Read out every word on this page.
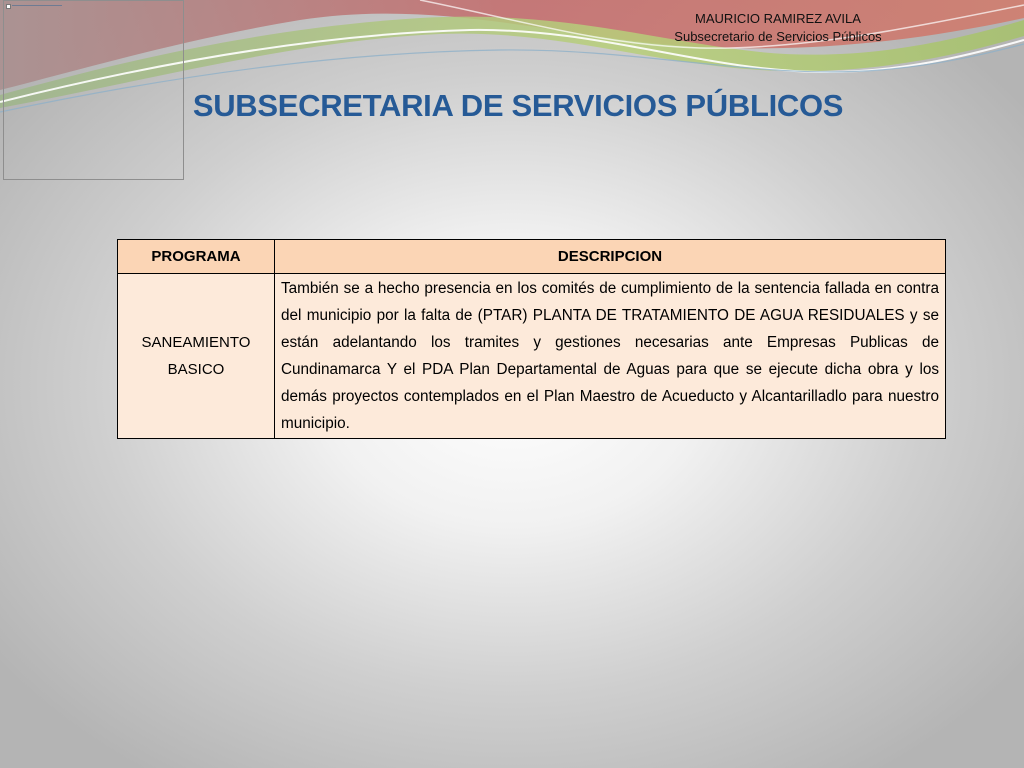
MAURICIO RAMIREZ AVILA
Subsecretario de Servicios Públicos
SUBSECRETARIA DE SERVICIOS PÚBLICOS
PROGRAMA	DESCRIPCION
SANEAMIENTO BASICO	También se a hecho presencia en los comités de cumplimiento de la sentencia fallada en contra del municipio por la falta de (PTAR) PLANTA DE TRATAMIENTO DE AGUA RESIDUALES y se están adelantando los tramites y gestiones necesarias ante Empresas Publicas de Cundinamarca Y el PDA Plan Departamental de Aguas para que se ejecute dicha obra y los demás proyectos contemplados en el Plan Maestro de Acueducto y Alcantarilladlo para nuestro municipio.
